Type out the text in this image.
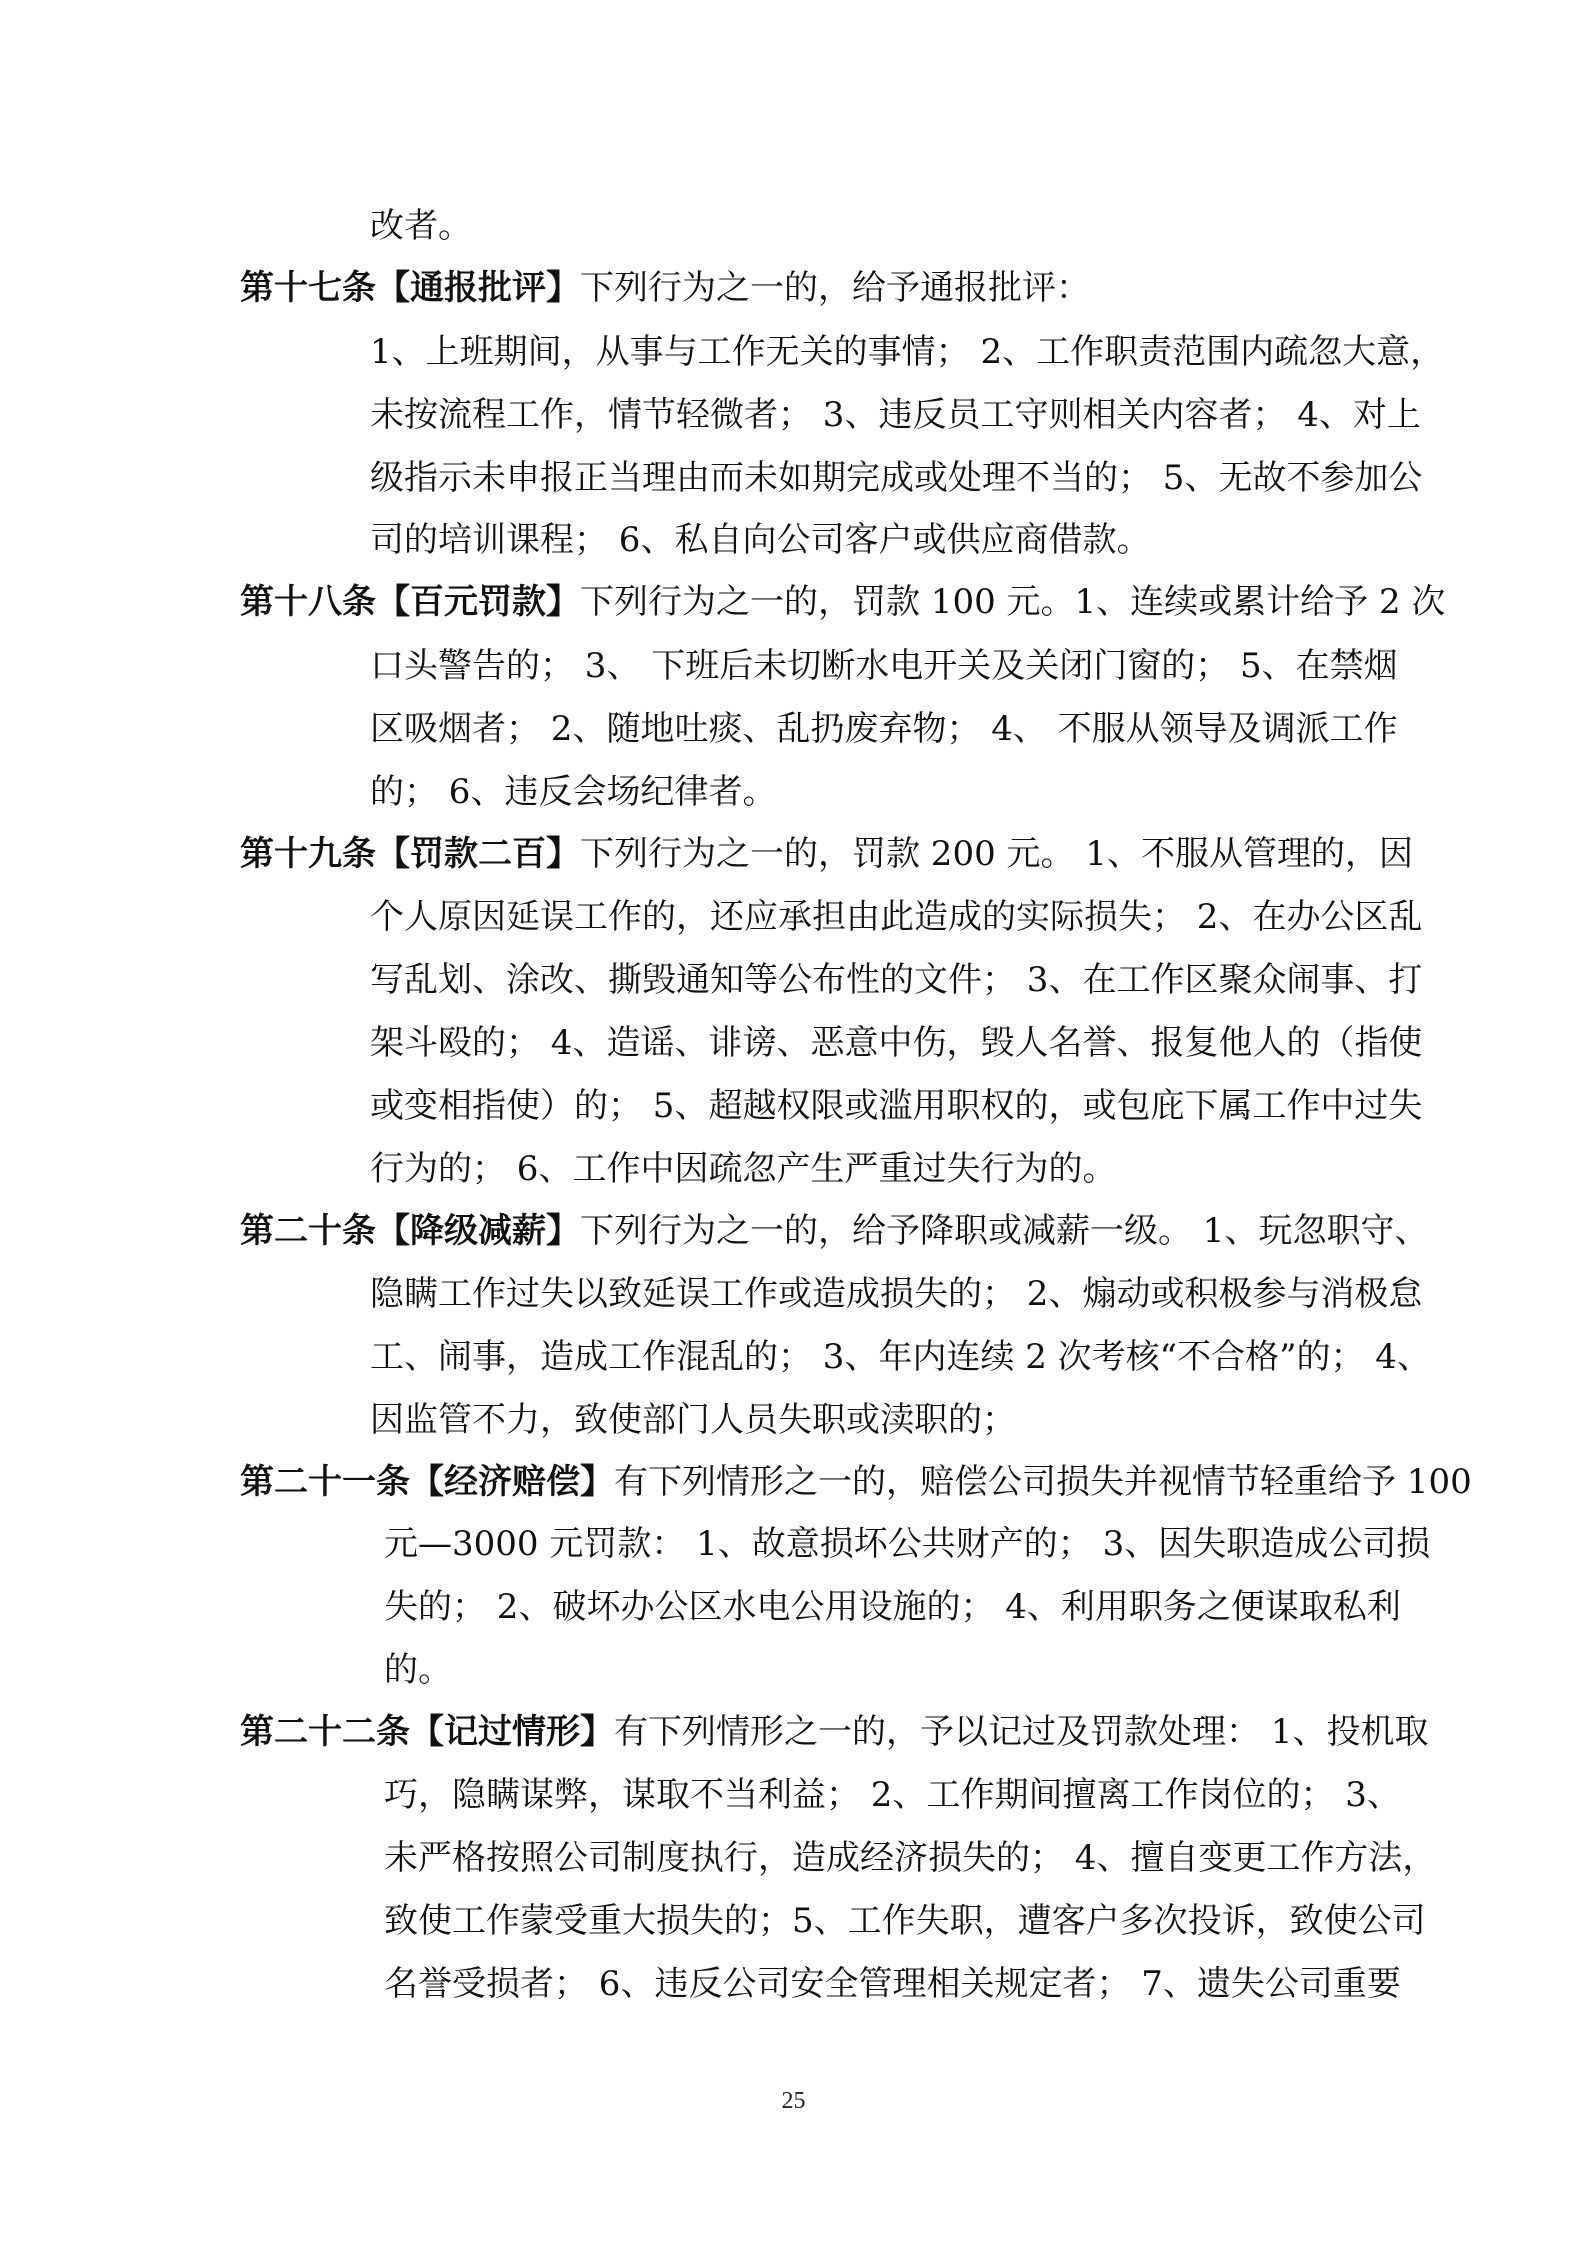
改者。
第十七条【通报批评】下列行为之一的，给予通报批评：
1、上班期间，从事与工作无关的事情； 2、工作职责范围内疏忽大意，
未按流程工作，情节轻微者； 3、违反员工守则相关内容者； 4、对上
级指示未申报正当理由而未如期完成或处理不当的； 5、无故不参加公
司的培训课程； 6、私自向公司客户或供应商借款。
第十八条【百元罚款】下列行为之一的，罚款 100 元。1、连续或累计给予 2 次
口头警告的； 3、 下班后未切断水电开关及关闭门窗的； 5、在禁烟
区吸烟者； 2、随地吐痰、乱扔废弃物； 4、 不服从领导及调派工作
的； 6、违反会场纪律者。
第十九条【罚款二百】下列行为之一的，罚款 200 元。 1、不服从管理的，因
个人原因延误工作的，还应承担由此造成的实际损失； 2、在办公区乱
写乱划、涂改、撕毁通知等公布性的文件； 3、在工作区聚众闹事、打
架斗殴的； 4、造谣、诽谤、恶意中伤，毁人名誉、报复他人的（指使
或变相指使）的； 5、超越权限或滥用职权的，或包庇下属工作中过失
行为的； 6、工作中因疏忽产生严重过失行为的。
第二十条【降级减薪】下列行为之一的，给予降职或减薪一级。 1、玩忽职守、
隐瞒工作过失以致延误工作或造成损失的； 2、煽动或积极参与消极怠
工、闹事，造成工作混乱的； 3、年内连续 2 次考核“不合格”的； 4、
因监管不力，致使部门人员失职或渎职的；
第二十一条【经济赔偿】有下列情形之一的，赔偿公司损失并视情节轻重给予 100
元—3000 元罚款： 1、故意损坏公共财产的； 3、因失职造成公司损
失的； 2、破坏办公区水电公用设施的； 4、利用职务之便谋取私利
的。
第二十二条【记过情形】有下列情形之一的，予以记过及罚款处理： 1、投机取
巧，隐瞒谋弊，谋取不当利益； 2、工作期间擅离工作岗位的； 3、
未严格按照公司制度执行，造成经济损失的； 4、擅自变更工作方法，
致使工作蒙受重大损失的；5、工作失职，遭客户多次投诉，致使公司
名誉受损者； 6、违反公司安全管理相关规定者； 7、遗失公司重要
25
